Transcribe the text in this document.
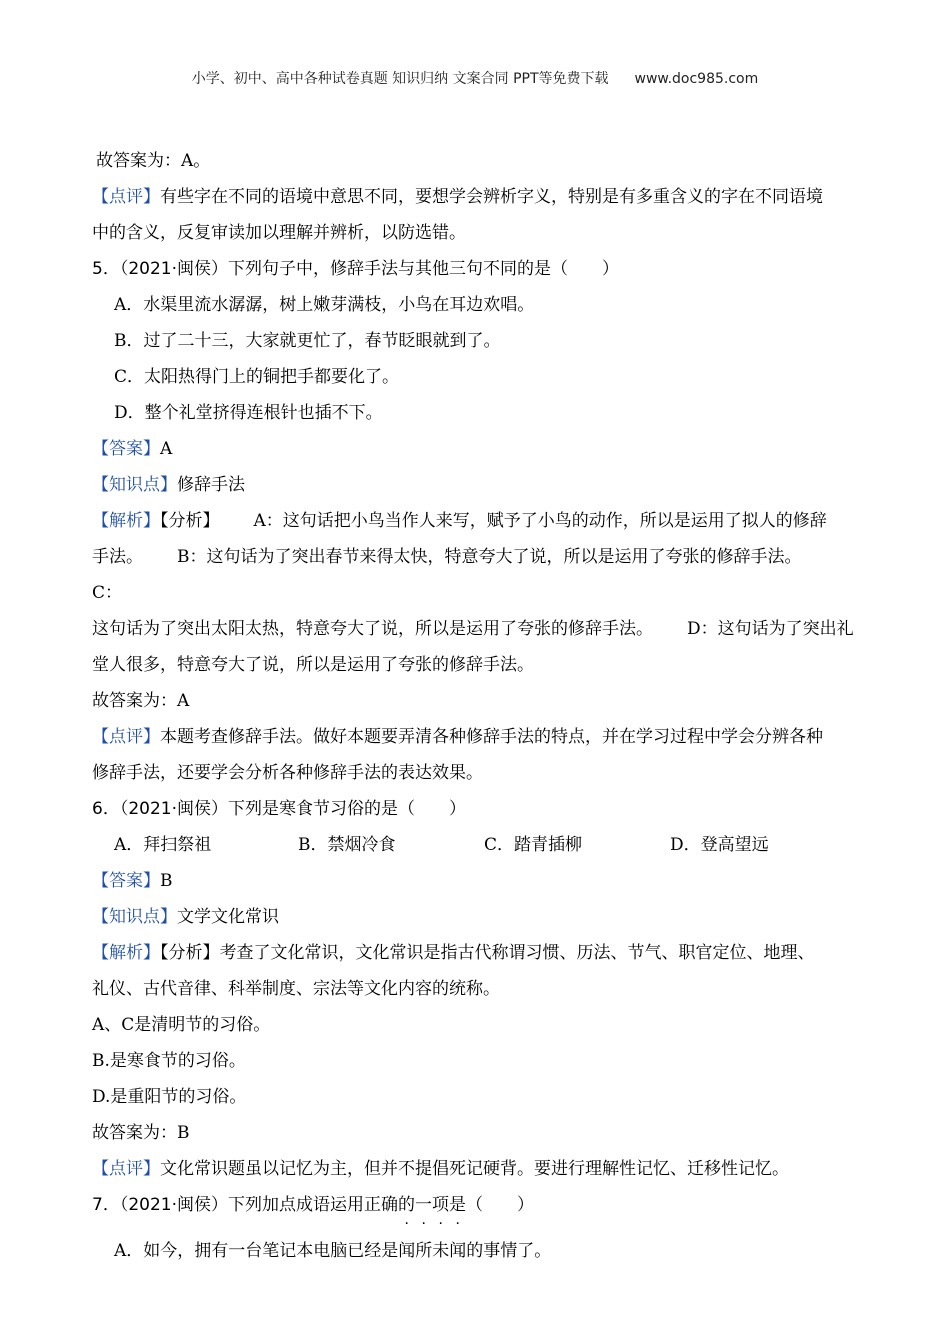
小学、初中、高中各种试卷真题 知识归纳 文案合同 PPT等免费下载 www.doc985.com

故答案为：A。

【点评】有些字在不同的语境中意思不同，要想学会辨析字义，特别是有多重含义的字在不同语境

中的含义，反复审读加以理解并辨析，以防选错。

5．（2021·闽侯）下列句子中，修辞手法与其他三句不同的是（　　）

A．水渠里流水潺潺，树上嫩芽满枝，小鸟在耳边欢唱。

B．过了二十三，大家就更忙了，春节眨眼就到了。

C．太阳热得门上的铜把手都要化了。

D．整个礼堂挤得连根针也插不下。

【答案】A

【知识点】修辞手法

【解析】【分析】 A：这句话把小鸟当作人来写，赋予了小鸟的动作，所以是运用了拟人的修辞

手法。 B：这句话为了突出春节来得太快，特意夸大了说，所以是运用了夸张的修辞手法。C：

这句话为了突出太阳太热，特意夸大了说，所以是运用了夸张的修辞手法。 D：这句话为了突出礼

堂人很多，特意夸大了说，所以是运用了夸张的修辞手法。

故答案为：A

【点评】本题考查修辞手法。做好本题要弄清各种修辞手法的特点，并在学习过程中学会分辨各种

修辞手法，还要学会分析各种修辞手法的表达效果。

6．（2021·闽侯）下列是寒食节习俗的是（　　）

A．拜扫祭祖	B．禁烟冷食	C．踏青插柳	D．登高望远

【答案】B

【知识点】文学文化常识

【解析】【分析】考查了文化常识，文化常识是指古代称谓习惯、历法、节气、职官定位、地理、

礼仪、古代音律、科举制度、宗法等文化内容的统称。

A、C是清明节的习俗。

B.是寒食节的习俗。

D.是重阳节的习俗。

故答案为：B

【点评】文化常识题虽以记忆为主，但并不提倡死记硬背。要进行理解性记忆、迁移性记忆。

7．（2021·闽侯）下列加点成语运用正确的一项是（　　）

A．如今，拥有一台笔记本电脑已经是闻所未闻的事情了。
